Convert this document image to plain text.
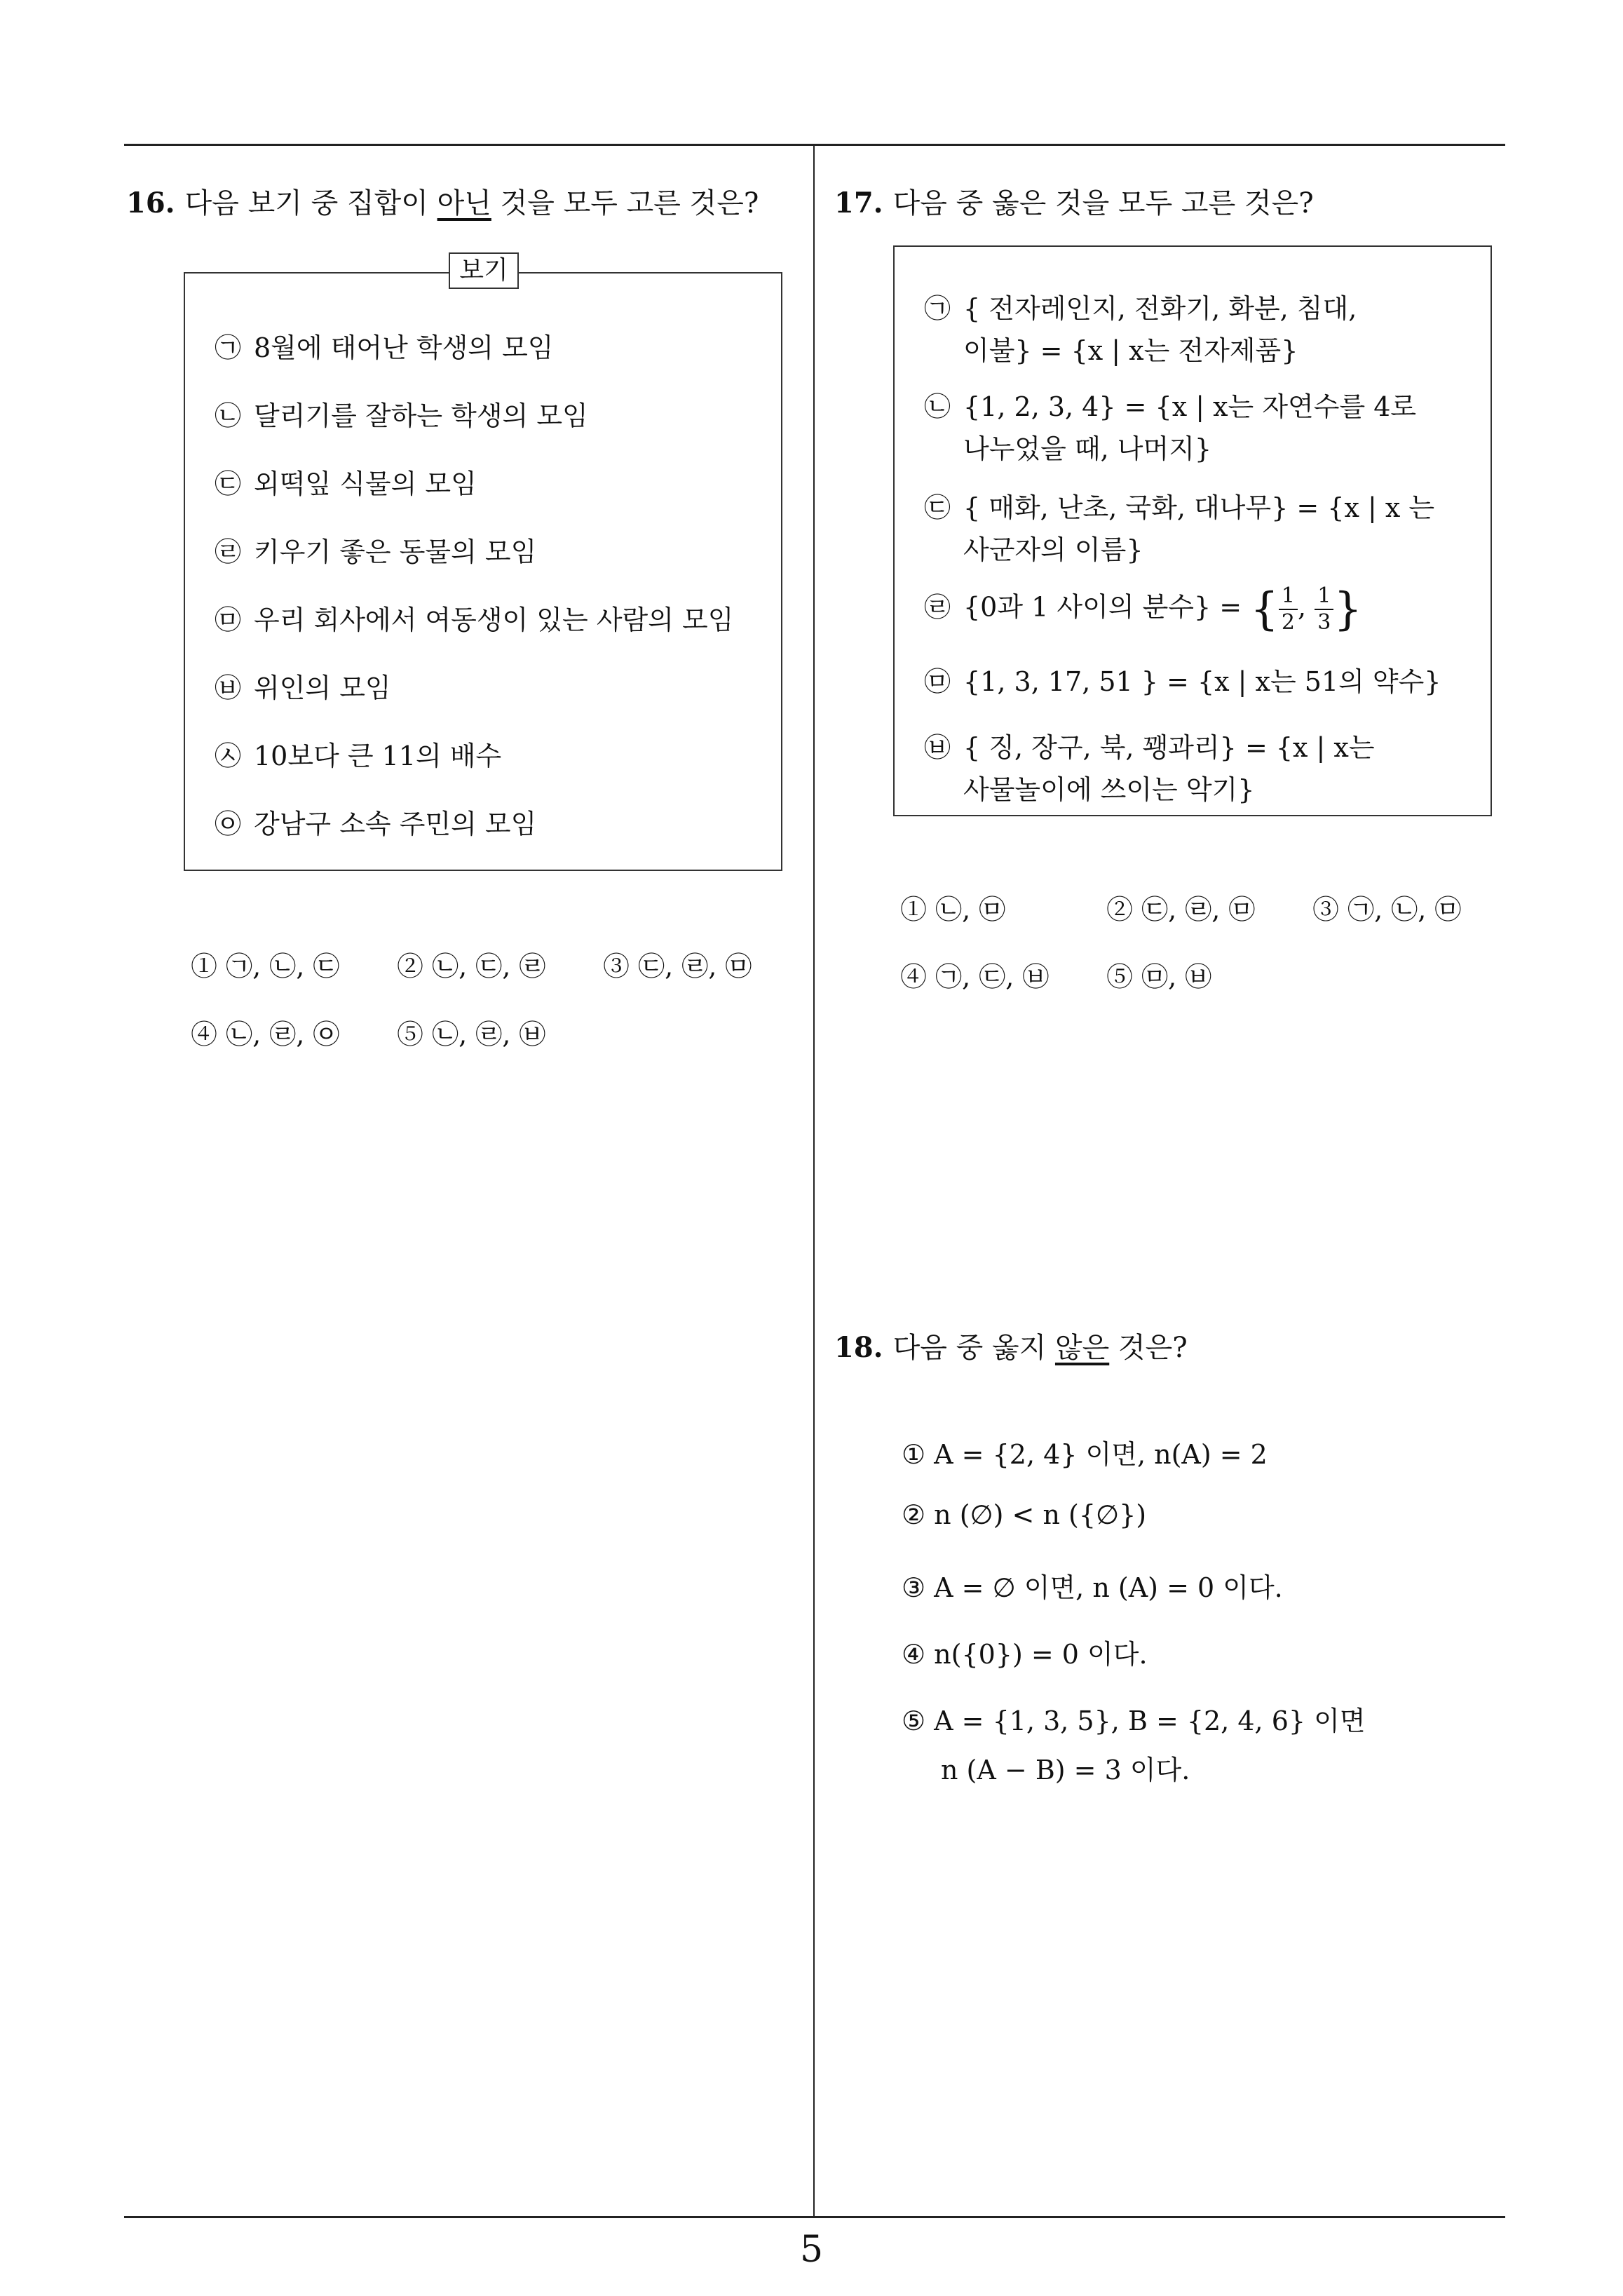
16. 다음 보기 중 집합이 아닌 것을 모두 고른 것은?
보기
㉠ 8월에 태어난 학생의 모임
㉡ 달리기를 잘하는 학생의 모임
㉢ 외떡잎 식물의 모임
㉣ 키우기 좋은 동물의 모임
㉤ 우리 회사에서 여동생이 있는 사람의 모임
㉥ 위인의 모임
㉦ 10보다 큰 11의 배수
㉧ 강남구 소속 주민의 모임
① ㉠, ㉡, ㉢ ② ㉡, ㉢, ㉣ ③ ㉢, ㉣, ㉤
④ ㉡, ㉣, ㉧ ⑤ ㉡, ㉣, ㉥
17. 다음 중 옳은 것을 모두 고른 것은?
㉠ { 전자레인지, 전화기, 화분, 침대,
이불} = {x | x는 전자제품}
㉡ {1, 2, 3, 4} = {x | x는 자연수를 4로
나누었을 때, 나머지}
㉢ { 매화, 난초, 국화, 대나무} = {x | x 는
사군자의 이름}
㉣ {0과 1 사이의 분수} = { $\frac{1}{2}$ , $\frac{1}{3}$ }
㉤ {1, 3, 17, 51 } = {x | x는 51의 약수}
㉥ { 징, 장구, 북, 꽹과리} = {x | x는
사물놀이에 쓰이는 악기}
① ㉡, ㉤	② ㉢, ㉣, ㉤ ③ ㉠, ㉡, ㉤
④ ㉠, ㉢, ㉥ ⑤ ㉤, ㉥
18. 다음 중 옳지 않은 것은?
① A = {2, 4} 이면, n(A) = 2
② n (∅) < n ({∅})
③ A = ∅ 이면, n (A) = 0 이다.
④ n({0}) = 0 이다.
⑤ A = {1, 3, 5}, B = {2, 4, 6} 이면
n (A − B) = 3 이다.
5
